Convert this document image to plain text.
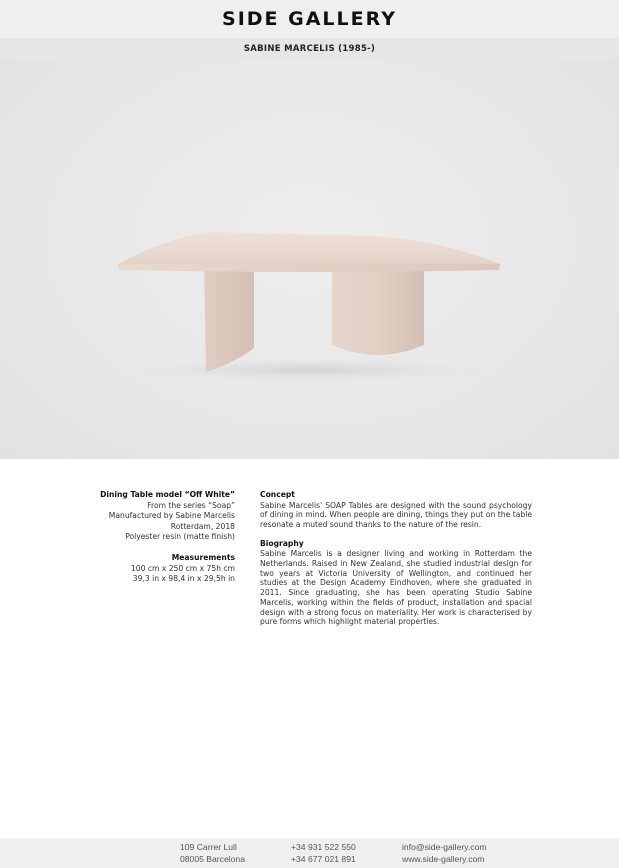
SIDE GALLERY
SABINE MARCELIS (1985-)
Dining Table model “Off White”
From the series “Soap”
Manufactured by Sabine Marcelis
Rotterdam, 2018
Polyester resin (matte finish)
Measurements
100 cm x 250 cm x 75h cm
39,3 in x 98,4 in x 29,5h in
Concept

Sabine Marcelis' SOAP Tables are designed with the sound psychology of dining in mind. When people are dining, things they put on the table resonate a muted sound thanks to the nature of the resin.

Biography

Sabine Marcelis is a designer living and working in Rotterdam the Netherlands. Raised in New Zealand, she studied industrial design for two years at Victoria University of Wellington, and continued her studies at the Design Academy Eindhoven, where she graduated in 2011. Since graduating, she has been operating Studio Sabine Marcelis, working within the fields of product, installation and spacial design with a strong focus on materiality. Her work is characterised by pure forms which highlight material properties.

109 Carrer Lull
08005 Barcelona
+34 931 522 550
+34 677 021 891
info@side-gallery.com
www.side-gallery.com
